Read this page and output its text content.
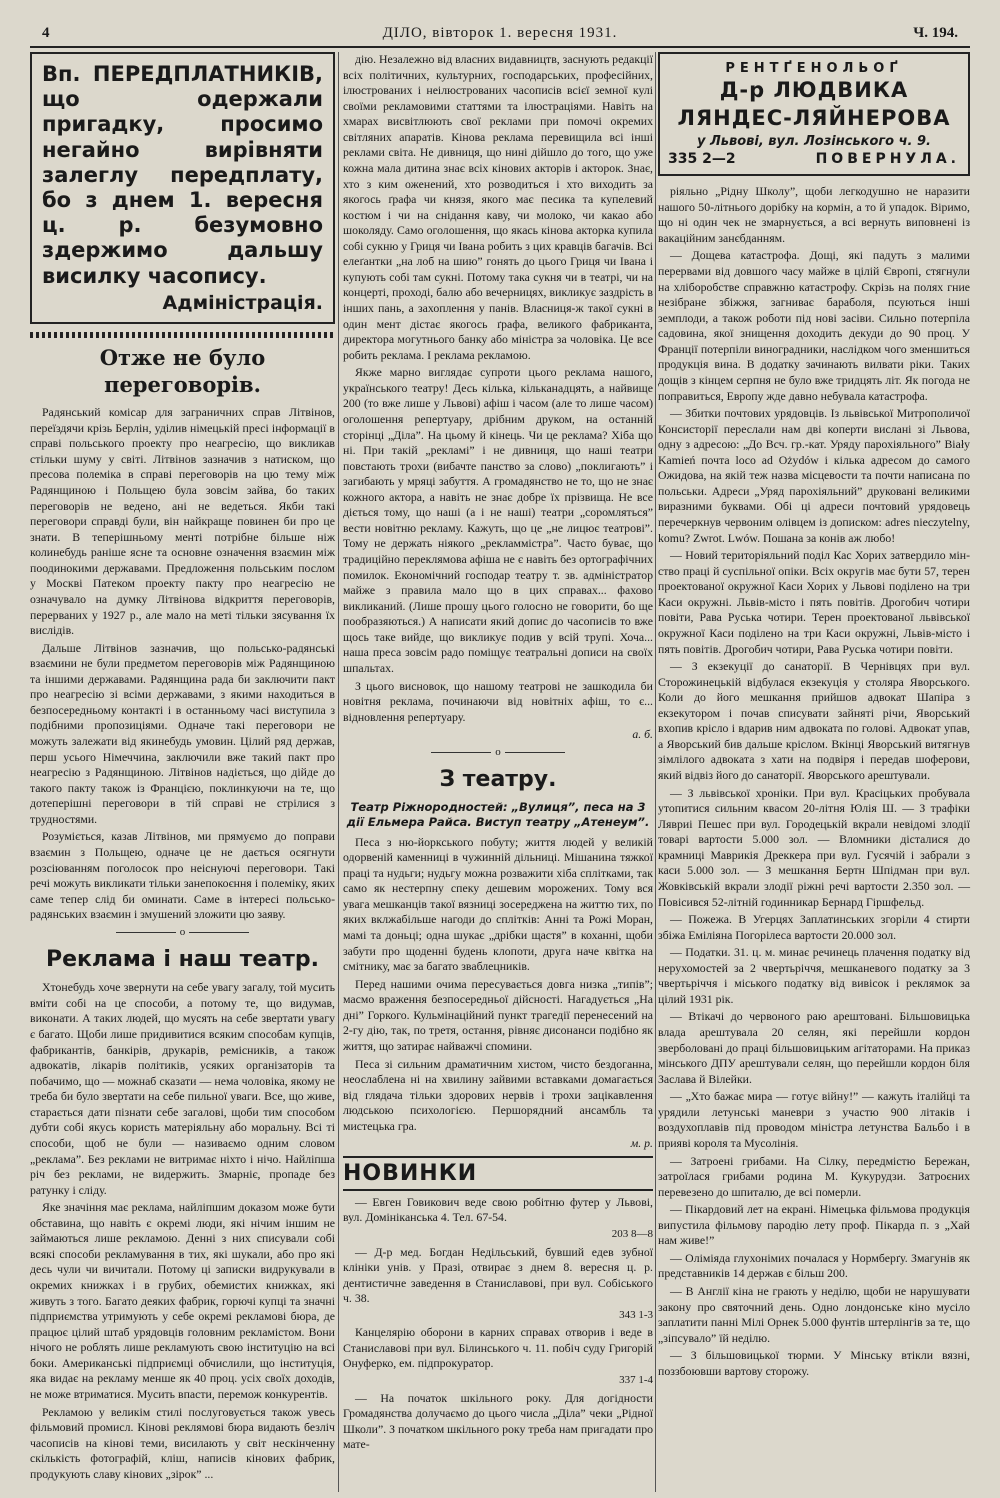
4	ДІЛО, вівторок 1. вересня 1931.	Ч. 194.

Вп. ПЕРЕДПЛАТНИКІВ, що одержали пригадку, просимо негайно вирівняти залеглу передплату, бо з днем 1. вересня ц. р. безумовно здержимо дальшу висилку часопису.

Адміністрація.

Отже не було переговорів.

Радянський комісар для заграничних справ Літвінов, переїздячи крізь Берлін, уділив німецькій пресі інформації в справі польського проекту про неагресію, що викликав стільки шуму у світі. Літвінов зазначив з натиском, що пресова полеміка в справі переговорів на цю тему між Радянщиною і Польщею була зовсім зайва, бо таких переговорів не ведено, ані не ведеться. Якби такі переговори справді були, він найкраще повинен би про це знати. В теперішньому менті потрібне більше ніж колинебудь раніше ясне та основне означення взаємин між поодинокими державами. Предложення польським послом у Москві Патеком проекту пакту про неагресію не означувало на думку Літвінова відкриття переговорів, перерваних у 1927 р., але мало на меті тільки зясування їх вислідів.

Дальше Літвінов зазначив, що польсько-радянські взаємини не були предметом переговорів між Радянщиною та іншими державами. Радянщина рада би заключити пакт про неагресію зі всіми державами, з якими находиться в безпосередньому контакті і в останньому часі виступила з подібними пропозиціями. Одначе такі переговори не можуть залежати від якинебудь умовин. Цілий ряд держав, перш усього Німеччина, заключили вже такий пакт про неагресію з Радянщиною. Літвінов надіється, що дійде до такого пакту також із Францією, поклинкуючи на те, що дотеперішні переговори в тій справі не стрілися з трудностями.

Розуміється, казав Літвінов, ми прямуємо до поправи взаємин з Польщею, одначе це не дається осягнути розсіюванням поголосок про неіснуючі переговори. Такі речі можуть викликати тільки занепокоєння і полеміку, яких саме тепер слід би оминати. Саме в інтересі польсько-радянських взаємин і змушений зложити цю заяву.

o
Реклама і наш театр.

Хтонебудь хоче звернути на себе увагу загалу, той мусить вміти собі на це способи, а потому те, що видумав, виконати. А таких людей, що мусять на себе звертати увагу є багато. Щоби лише придивитися всяким способам купців, фабрикантів, банкірів, друкарів, ремісників, а також адвокатів, лікарів політиків, усяких організаторів та побачимо, що — можнаб сказати — нема чоловіка, якому не треба би було звертати на себе пильної уваги. Все, що живе, старається дати пізнати себе загалові, щоби тим способом дубти собі якусь користь матеріяльну або моральну. Всі ті способи, щоб не були — називаємо одним словом „реклама”. Без реклами не витримає ніхто і нічо. Найліпша річ без реклами, не видержить. Змарніє, пропаде без ратунку і сліду.

Яке значіння має реклама, найліпшим доказом може бути обставина, що навіть є окремі люди, які нічим іншим не займаються лише рекламою. Денні з них списували собі всякі способи рекламування в тих, які шукали, або про які десь чули чи вичитали. Потому ці записки видрукували в окремих книжках і в грубих, обемистих книжках, які живуть з того. Багато деяких фабрик, горючі купці та значні підприємства утримують у себе окремі рекламові бюра, де працює цілий штаб урядовців головним рекламістом. Вони нічого не роблять лише рекламують свою інституцію на всі боки. Американські підприємці обчислили, що інституція, яка видає на рекламу менше як 40 проц. усіх своїх доходів, не може втриматися. Мусить впасти, перемож конкурентів.

Рекламою у великім стилі послуговується також увесь фільмовий промисл. Кінові реклямові бюра видають безліч часописів на кінові теми, висилають у світ нескінченну скількість фотографій, кліш, написів кінових фабрик, продукують славу кінових „зірок” ...

дію. Незалежно від власних видавництв, заснують редакції всіх політичних, культурних, господарських, професійних, ілюстрованих і неілюстрованих часописів всієї земної кулі своїми рекламовими статтями та ілюстраціями. Навіть на хмарах висвітлюють свої реклами при помочі окремих світляних апаратів. Кінова реклама перевищила всі інші реклами світа. Не дивниця, що нині дійшло до того, що уже кожна мала дитина знає всіх кінових акторів і акторок. Знає, хто з ким оженений, хто розводиться і хто виходить за якогось ґрафа чи князя, якого має песика та купелевий костюм і чи на снідання каву, чи молоко, чи какао або шоколяду. Само оголошення, що якась кінова акторка купила собі сукню у Гриця чи Івана робить з цих кравців багачів. Всі елеґантки „на лоб на шию” гонять до цього Гриця чи Івана і купують собі там сукні. Потому така сукня чи в театрі, чи на концерті, проході, балю або вечерницях, викликує заздрість в інших пань, а захоплення у панів. Власниця-ж такої сукні в один мент дістає якогось ґрафа, великого фабриканта, директора могутнього банку або міністра за чоловіка. Це все робить реклама. І реклама рекламою.

Якже марно виглядає супроти цього реклама нашого, українського театру! Десь кілька, кільканадцять, а найвище 200 (то вже лише у Львові) афіш і часом (але то лише часом) оголошення репертуару, дрібним друком, на останній сторінці „Діла”. На цьому й кінець. Чи це реклама? Хіба що ні. При такій „рекламі” і не дивниця, що наші театри повстають трохи (вибачте панство за слово) „поклигають” і загибають у мряці забуття. А громадянство не то, що не знає кожного акторa, а навіть не знає добре їх прізвища. Не все діється тому, що наші (а і не наші) театри „соромляться” вести новітню рекламу. Кажуть, що це „не лицює театрові”. Тому не держать ніякого „рекламмістра”. Часто буває, що традиційно переклямова афіша не є навіть без ортографічних помилок. Економічний господар театру т. зв. адміністратор майже з правила мало що в цих справах... фахово викликаний. (Лише прошу цього голосно не говорити, бо ще пообразяються.) А написати який допис до часописів то вже щось таке вийде, що викликує подив у всій трупі. Хоча... наша преса зовсім радо поміщує театральні дописи на своїх шпальтах.

З цього висновок, що нашому театрові не зашкодила би новітня реклама, починаючи від новітніх афіш, то є... відновлення репертуару.

а. б.
o
З театру.
Театр Ріжнородностей: „Вулиця”, песа на 3 дії Ельмера Райса. Виступ театру „Атенеум”.

Песа з ню-йоркського побуту; життя людей у великій одорвеній каменниці в чужинній дільниці. Мішанина тяжкої праці та нудьги; нудьгу можна розважити хіба сплітками, так само як нестерпну спеку дешевим морожених. Тому вся увага мешканців такої вязниці зосереджена на життю тих, по яких вклжабільше нагоди до сплітків: Анні та Рожі Моран, мамі та доньці; одна шукає „дрібки щастя” в коханні, щоби забути про щоденні будень клопоти, друга наче квітка на смітнику, має за багато зваблецників.

Перед нашими очима пересувається довга низка „типів”; масмо враження безпосередньої дійсності. Нагадується „На дні” Горкого. Кульмінаційний пункт трагедії перенесений на 2-гу дію, так, по третя, остання, рівняє дисонанси подібно як життя, що затирає найважчі спомини.

Песа зі сильним драматичним хистом, чисто бездоганна, неослаблена ні на хвилину зайвими вставками домагається від глядача тільки здорових нервів і трохи зацікавлення людською психологією. Першорядний ансамбль та мистецька гра.

м. р.
НОВИНКИ

— Евген Говикович веде свою робітню футер у Львові, вул. Домініканська 4. Тел. 67-54.

203 8—8

— Д-р мед. Богдан Недільський, бувший едев зубної клініки унів. у Празі, отвирає з днем 8. вересня ц. р. дентистичне заведення в Станиславові, при вул. Собіського ч. 38.

343 1-3

Канцелярію оборони в карних справах отворив і веде в Станиславові при вул. Білинського ч. 11. побіч суду Григорій Онуферко, ем. підпрокуратор.

337 1-4

— На початок шкільного року. Для догідности Громадянства долучаємо до цього числа „Діла” чеки „Рідної Школи”. З початком шкільного року треба нам пригадати про мате-

РЕНТҐЕНОЛЬОҐ
Д-р ЛЮДВИКА ЛЯНДЕС-ЛЯЙНЕРОВА
у Львові, вул. Лозінського ч. 9.
335 2—2	ПОВЕРНУЛА.

ріяльно „Рідну Школу”, щоби легкодушно не наразити нашого 50-літнього дорібку на кормін, а то й упадок. Віримо, що ні один чек не змарнується, а всі вернуть виповнені із вакаційним занєбданням.

— Дощева катастрофа. Дощі, які падуть з малими перервами від довшого часу майже в цілій Європі, стягнули на хліборобстве справжню катастрофу. Скрізь на полях гние незібране збіжжя, загниває бараболя, псуються інші земплоди, а також роботи під нові засіви. Сильно потерпіла садовина, якої знищення доходить декуди до 90 проц. У Франції потерпіли виноградники, наслідком чого зменшиться продукція вина. В додатку зачинають вилвати ріки. Таких дощів з кінцем серпня не було вже тридцять літ. Як погода не поправиться, Европу жде давно небувала катастрофа.

— Збитки почтових урядовців. Із львівської Митрополичої Консисторії переслали нам дві коперти вислані зі Львова, одну з адресою: „До Всч. гр.-кат. Уряду парохіяльного” Biały Kamień почта loco ad Ożydów і кілька адресом до самого Ожидова, на якій теж назва місцевости та почти написана по польськи. Адреси „Уряд парохіяльний” друковані великими виразними буквами. Обі ці адреси почтовий урядовець перечеркнув червоним олівцем із дописком: adres nieczytelny, komu? Zwrot. Lwów. Пошана за конів аж любо!

— Новий територіяльний поділ Кас Хорих затвердило мін-ство праці й суспільної опіки. Всіх округів має бути 57, терен проектованої окружної Каси Хорих у Львові поділено на три Каси окружні. Львів-місто і пять повітів. Дрогобич чотири повіти, Рава Руська чотири. Терен проектованої львівської окружної Каси поділено на три Каси окружні, Львів-місто і пять повітів. Дрогобич чотири, Рава Руська чотири повіти.

— З екзекуції до санаторії. В Чернівцях при вул. Сторожинецькій відбулася екзекуція у столяра Яворського. Коли до його мешкання прийшов адвокат Шапіра з екзекутором і почав списувати зайняті річи, Яворський вхопив крісло і вдарив ним адвоката по голові. Адвокат упав, а Яворський бив дальше кріслом. Вкінці Яворський витягнув зімлілого адвоката з хати на подвіря і передав шоферови, який відвіз його до санаторії. Яворського арештували.

— З львівської хроніки. При вул. Красіцьких пробувала утопитися сильним квасом 20-літня Юлія Ш. — З трафіки Лявриі Пешес при вул. Городецькій вкрали невідомі злодії товарі вартости 5.000 зол. — Вломники дісталися до крамниці Маврикія Дреккера при вул. Гусячій і забрали з каси 5.000 зол. — З мешкання Бертн Шпідман при вул. Жовківській вкрали злодії ріжні речі вартости 2.350 зол. — Повісився 52-літній годинникар Бернард Гіршфельд.

— Пожежа. В Угерцях Заплатинських згоріли 4 стирти збіжа Еміліяна Погорілеса вартости 20.000 зол.

— Податки. 31. ц. м. минає речинець плачення податку від нерухомостей за 2 чвертьріччя, мешканевого податку за 3 чвертьріччя і міського податку від вивісок і реклямок за цілий 1931 рік.

— Втікачі до червоного раю арештовані. Більшовицька влада арештувала 20 селян, які перейшли кордон зверболованi до праці більшовицьким агітаторами. На приказ мінського ДПУ арештували селян, що перейшли кордон біля Заслава й Вілейки.

— „Хто бажає мира — готує війну!” — кажуть італійці та урядили летунські маневри з участю 900 літаків і воздухоплавів під проводом міністра летунства Бальбо і в приявi короля та Мусолінія.

— Затроені грибами. На Сілку, передмістю Бережан, затроїлася грибами родина М. Кукурудзи. Затроєних перевезено до шпиталю, де всі померли.

— Пікардовий лет на екрані. Німецька фільмова продукція випустила фільмову пародію лету проф. Пікарда п. з „Хай нам живе!”

— Оліміяда глухонімих почалася у Нормберґу. Змагунів як представників 14 держав є більш 200.

— В Англії кіна не грають у неділю, щоби не нарушувати закону про святочний день. Одно лондонське кіно мусіло заплатити панні Мілі Орнек 5.000 фунтів штерлінгів за те, що „зіпсувало” їй неділю.

— З більшовицької тюрми. У Мінську втікли вязні, поззбоювши вартову сторожу.
